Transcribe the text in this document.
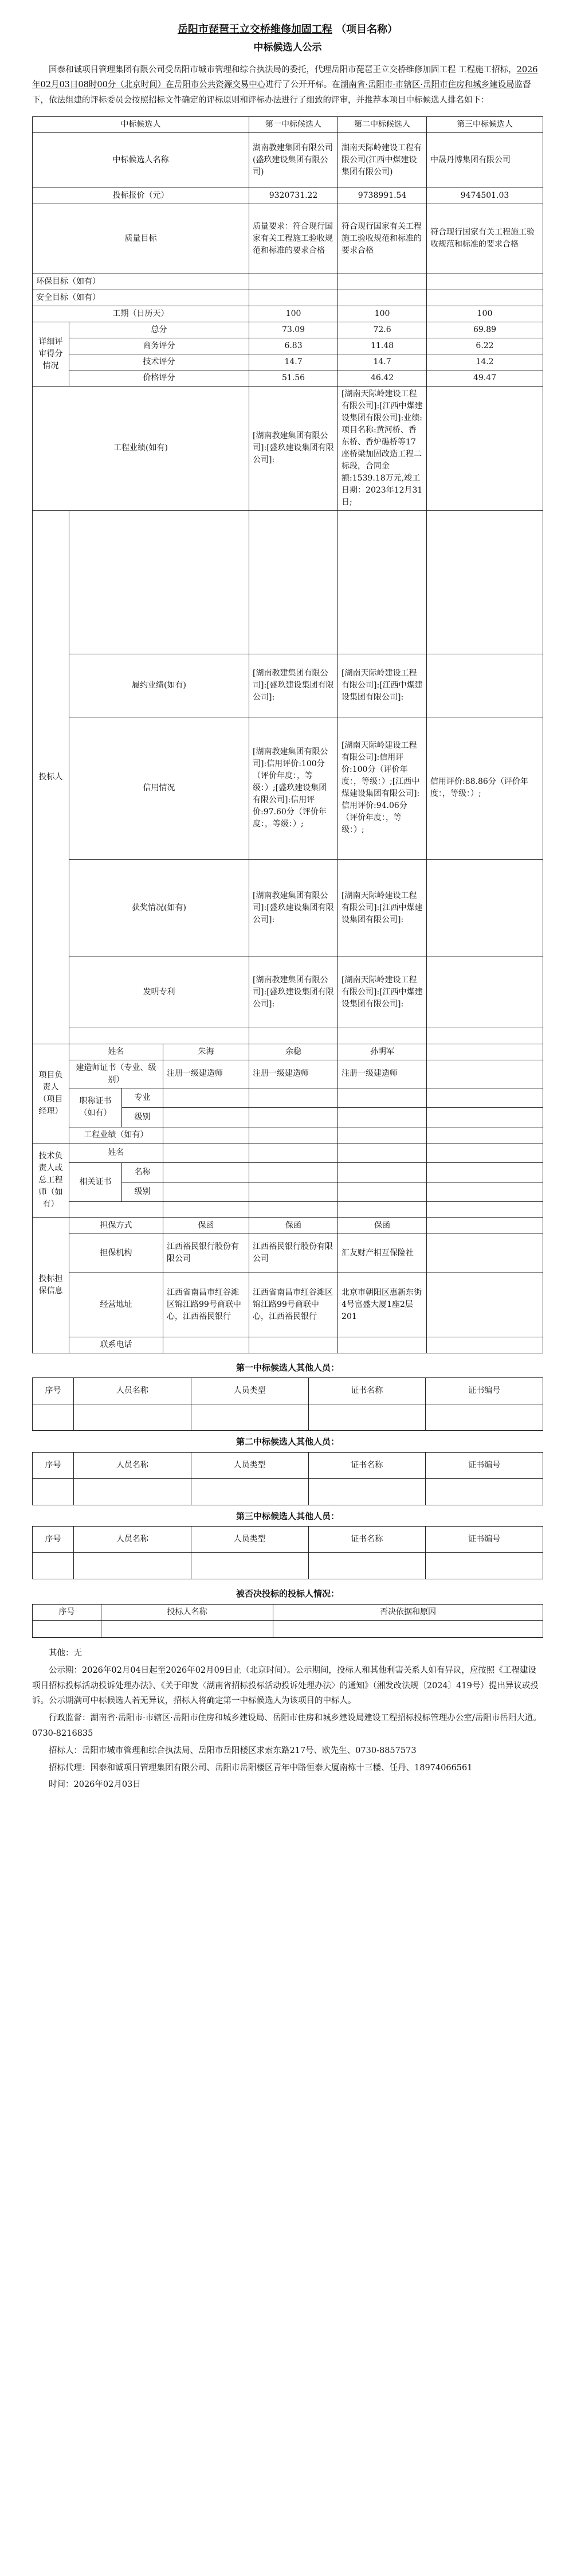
岳阳市琵琶王立交桥维修加固工程 （项目名称）
中标候选人公示

国泰和诚项目管理集团有限公司受岳阳市城市管理和综合执法局的委托，代理岳阳市琵琶王立交桥维修加固工程 工程施工招标，2026年02月03日08时00分（北京时间）在岳阳市公共资源交易中心进行了公开开标。在湖南省·岳阳市·市辖区·岳阳市住房和城乡建设局监督下，依法组建的评标委员会按照招标文件确定的评标原则和评标办法进行了细致的评审，并推荐本项目中标候选人排名如下：

中标候选人				第一中标候选人	第二中标候选人	第三中标候选人
中标候选人名称				湖南教建集团有限公司(盛玖建设集团有限公司)	湖南天际岭建设工程有限公司(江西中煤建设集团有限公司)	中晟丹博集团有限公司
投标报价（元）				9320731.22	9738991.54	9474501.03
质量目标				质量要求：符合现行国家有关工程施工验收规范和标准的要求合格	符合现行国家有关工程施工验收规范和标准的要求合格	符合现行国家有关工程施工验收规范和标准的要求合格
环保目标（如有）						
安全目标（如有）						
工期（日历天）				100	100	100
详细评审得分情况	总分			73.09	72.6	69.89
	商务评分			6.83	11.48	6.22
	技术评分			14.7	14.7	14.2
	价格评分			51.56	46.42	49.47
工程业绩(如有)				[湖南教建集团有限公司]:[盛玖建设集团有限公司]:	[湖南天际岭建设工程有限公司]:[江西中煤建设集团有限公司]:业绩:项目名称:黄河桥、香东桥、香炉礁桥等17座桥梁加固改造工程二标段，合同金额:1539.18万元,竣工日期：2023年12月31日;	
投标人						
	履约业绩(如有)			[湖南教建集团有限公司]:[盛玖建设集团有限公司]:	[湖南天际岭建设工程有限公司]:[江西中煤建设集团有限公司]:	
	信用情况			[湖南教建集团有限公司]:信用评价:100分（评价年度：，等级：）;[盛玖建设集团有限公司]:信用评价:97.60分（评价年度：，等级：）;	[湖南天际岭建设工程有限公司]:信用评价:100分（评价年度：，等级：）;[江西中煤建设集团有限公司]:信用评价:94.06分（评价年度：，等级：）;	信用评价:88.86分（评价年度：，等级：）;
	获奖情况(如有)			[湖南教建集团有限公司]:[盛玖建设集团有限公司]:	[湖南天际岭建设工程有限公司]:[江西中煤建设集团有限公司]:	
	发明专利			[湖南教建集团有限公司]:[盛玖建设集团有限公司]:	[湖南天际岭建设工程有限公司]:[江西中煤建设集团有限公司]:	

项目负责人（项目经理）	姓名		朱海	余稳	孙明军	
	建造师证书（专业、级别）		注册一级建造师	注册一级建造师	注册一级建造师	
	职称证书（如有）	专业				
		级别				
	工程业绩（如有）					
技术负责人或总工程师（如有）	姓名					
	相关证书	名称				
		级别				

投标担保信息	担保方式		保函	保函	保函	
	担保机构		江西裕民银行股份有限公司	江西裕民银行股份有限公司	汇友财产相互保险社	
	经营地址		江西省南昌市红谷滩区锦江路99号商联中心，江西裕民银行	江西省南昌市红谷滩区锦江路99号商联中心，江西裕民银行	北京市朝阳区惠新东街4号富盛大厦1座2层201	
	联系电话					
第一中标候选人其他人员：
序号	人员名称	人员类型	证书名称	证书编号

第二中标候选人其他人员：
序号	人员名称	人员类型	证书名称	证书编号

第三中标候选人其他人员：
序号	人员名称	人员类型	证书名称	证书编号

被否决投标的投标人情况：
序号	投标人名称	否决依据和原因

其他：无

公示期：2026年02月04日起至2026年02月09日止（北京时间）。公示期间，投标人和其他利害关系人如有异议，应按照《工程建设项目招标投标活动投诉处理办法》、《关于印发〈湖南省招标投标活动投诉处理办法〉的通知》（湘发改法规〔2024〕419号）提出异议或投诉。公示期满可中标候选人若无异议，招标人将确定第一中标候选人为该项目的中标人。

行政监督：湖南省·岳阳市·市辖区·岳阳市住房和城乡建设局、岳阳市住房和城乡建设局建设工程招标投标管理办公室/岳阳市岳阳大道。0730-8216835

招标人：岳阳市城市管理和综合执法局、岳阳市岳阳楼区求索东路217号、欧先生、0730-8857573

招标代理：国泰和诚项目管理集团有限公司、岳阳市岳阳楼区青年中路恒泰大厦南栋十三楼、任丹、18974066561

时间：2026年02月03日
